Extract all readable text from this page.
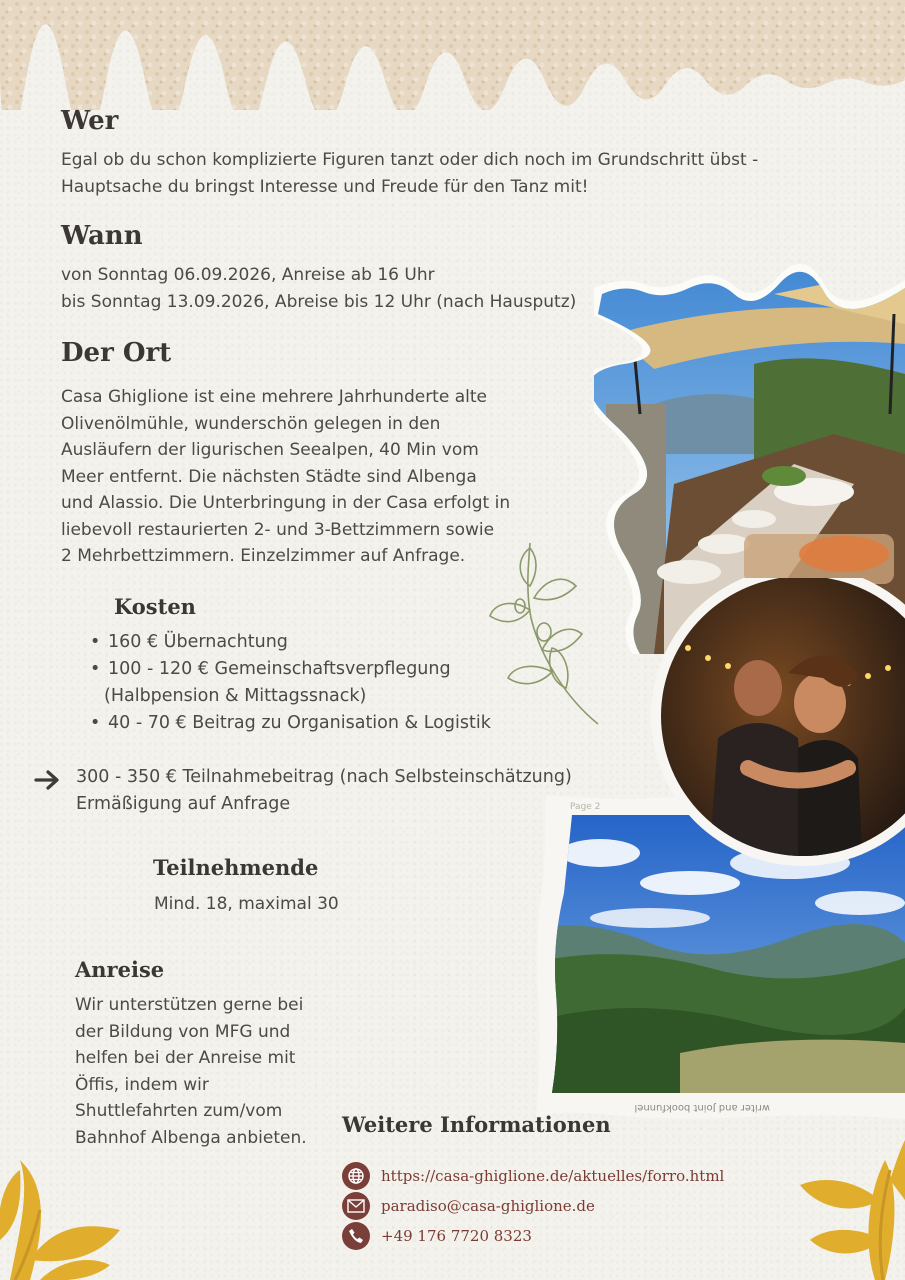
Wer
Egal ob du schon komplizierte Figuren tanzt oder dich noch im Grundschritt übst -
Hauptsache du bringst Interesse und Freude für den Tanz mit!
Wann
von Sonntag 06.09.2026, Anreise ab 16 Uhr
bis Sonntag 13.09.2026, Abreise bis 12 Uhr (nach Hausputz)
Der Ort
Casa Ghiglione ist eine mehrere Jahrhunderte alte
Olivenölmühle, wunderschön gelegen in den
Ausläufern der ligurischen Seealpen, 40 Min vom
Meer entfernt. Die nächsten Städte sind Albenga
und Alassio. Die Unterbringung in der Casa erfolgt in
liebevoll restaurierten 2- und 3-Bettzimmern sowie
2 Mehrbettzimmern. Einzelzimmer auf Anfrage.
Kosten
• 160 € Übernachtung
• 100 - 120 € Gemeinschaftsverpflegung
(Halbpension & Mittagssnack)
• 40 - 70 € Beitrag zu Organisation & Logistik
300 - 350 € Teilnahmebeitrag (nach Selbsteinschätzung)
Ermäßigung auf Anfrage
Teilnehmende
Mind. 18, maximal 30
Anreise
Wir unterstützen gerne bei
der Bildung von MFG und
helfen bei der Anreise mit
Öffis, indem wir
Shuttlefahrten zum/vom
Bahnhof Albenga anbieten.
Page 2
writer and Joint bookfunnel
Weitere Informationen
https://casa-ghiglione.de/aktuelles/forro.html
paradiso@casa-ghiglione.de
+49 176 7720 8323
